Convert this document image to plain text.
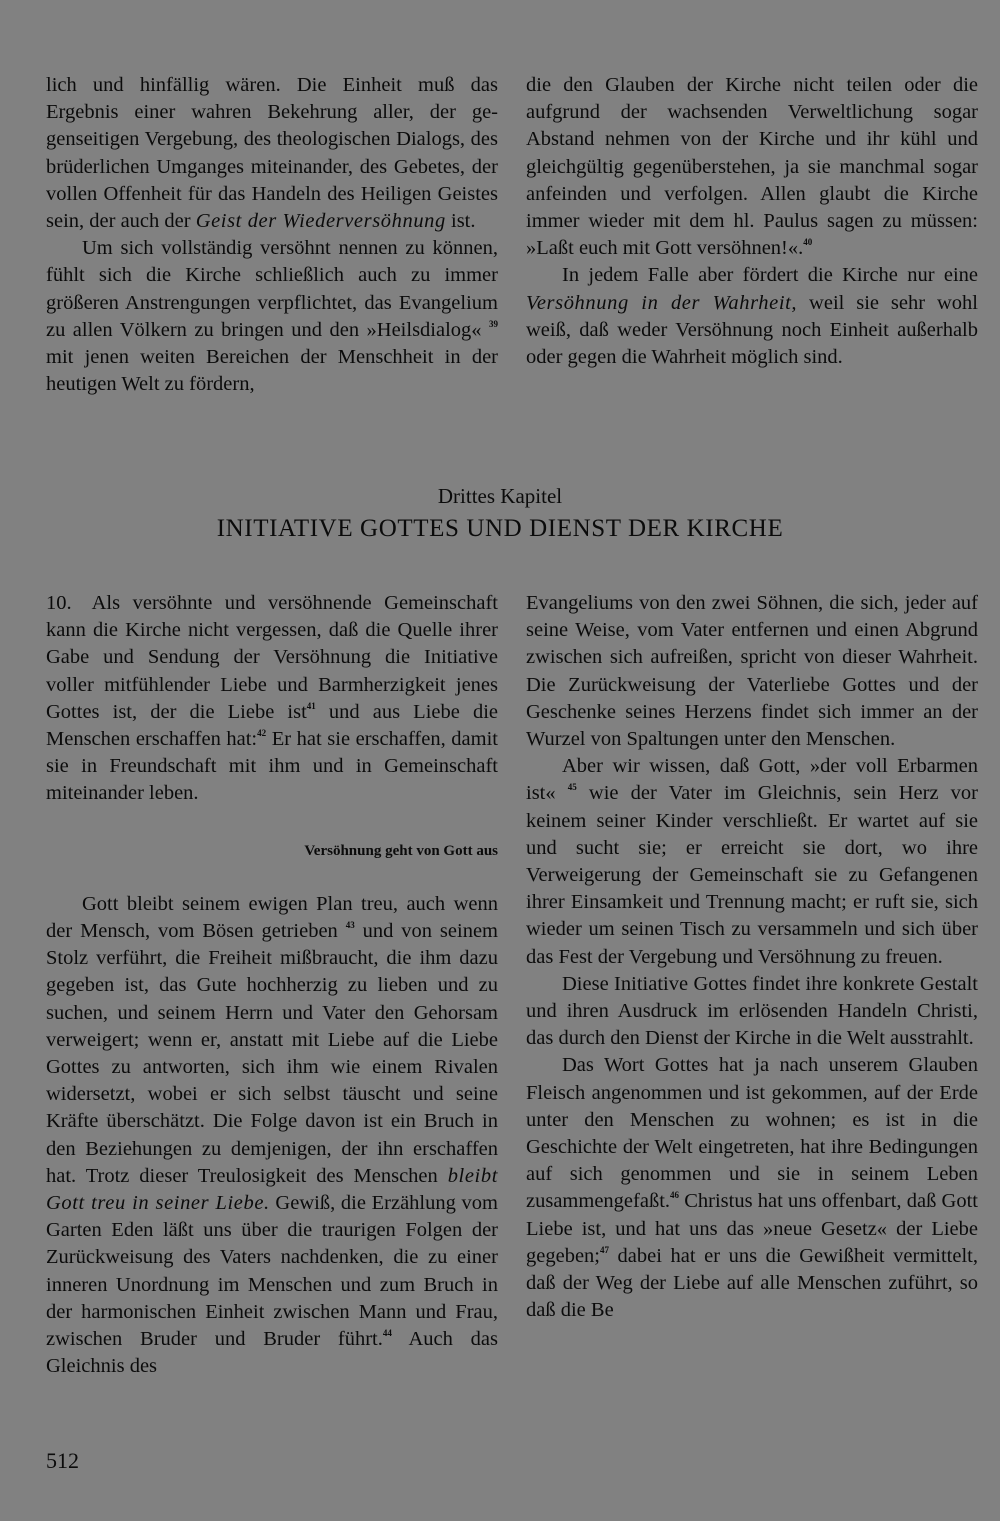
lich und hinfällig wären. Die Einheit muß das Ergebnis einer wahren Bekehrung aller, der gegenseitigen Vergebung, des theologischen Dialogs, des brüderlichen Umganges miteinander, des Gebetes, der vollen Offenheit für das Handeln des Heiligen Geistes sein, der auch der Geist der Wiederversöhnung ist.

Um sich vollständig versöhnt nennen zu können, fühlt sich die Kirche schließlich auch zu immer größeren Anstrengungen verpflichtet, das Evangelium zu allen Völkern zu bringen und den »Heilsdialog« $^{39}$ mit jenen weiten Bereichen der Menschheit in der heutigen Welt zu fördern,

die den Glauben der Kirche nicht teilen oder die aufgrund der wachsenden Verweltlichung sogar Abstand nehmen von der Kirche und ihr kühl und gleichgültig gegenüberstehen, ja sie manchmal sogar anfeinden und verfolgen. Allen glaubt die Kirche immer wieder mit dem hl. Paulus sagen zu müssen: »Laßt euch mit Gott versöhnen!«.$^{40}$

In jedem Falle aber fördert die Kirche nur eine Versöhnung in der Wahrheit, weil sie sehr wohl weiß, daß weder Versöhnung noch Einheit außerhalb oder gegen die Wahrheit möglich sind.

Drittes Kapitel
INITIATIVE GOTTES UND DIENST DER KIRCHE

10. Als versöhnte und versöhnende Gemeinschaft kann die Kirche nicht vergessen, daß die Quelle ihrer Gabe und Sendung der Versöhnung die Initiative voller mitfühlender Liebe und Barmherzigkeit jenes Gottes ist, der die Liebe ist$^{41}$ und aus Liebe die Menschen erschaffen hat:$^{42}$ Er hat sie erschaffen, damit sie in Freundschaft mit ihm und in Gemeinschaft miteinander leben.

Versöhnung geht von Gott aus

Gott bleibt seinem ewigen Plan treu, auch wenn der Mensch, vom Bösen getrieben $^{43}$ und von seinem Stolz verführt, die Freiheit mißbraucht, die ihm dazu gegeben ist, das Gute hochherzig zu lieben und zu suchen, und seinem Herrn und Vater den Gehorsam verweigert; wenn er, anstatt mit Liebe auf die Liebe Gottes zu antworten, sich ihm wie einem Rivalen widersetzt, wobei er sich selbst täuscht und seine Kräfte überschätzt. Die Folge davon ist ein Bruch in den Beziehungen zu demjenigen, der ihn erschaffen hat. Trotz dieser Treulosigkeit des Menschen bleibt Gott treu in seiner Liebe. Gewiß, die Erzählung vom Garten Eden läßt uns über die traurigen Folgen der Zurückweisung des Vaters nachdenken, die zu einer inneren Unordnung im Menschen und zum Bruch in der harmonischen Einheit zwischen Mann und Frau, zwischen Bruder und Bruder führt.$^{44}$ Auch das Gleichnis des

Evangeliums von den zwei Söhnen, die sich, jeder auf seine Weise, vom Vater entfernen und einen Abgrund zwischen sich aufreißen, spricht von dieser Wahrheit. Die Zurückweisung der Vaterliebe Gottes und der Geschenke seines Herzens findet sich immer an der Wurzel von Spaltungen unter den Menschen.

Aber wir wissen, daß Gott, »der voll Erbarmen ist« $^{45}$ wie der Vater im Gleichnis, sein Herz vor keinem seiner Kinder verschließt. Er wartet auf sie und sucht sie; er erreicht sie dort, wo ihre Verweigerung der Gemeinschaft sie zu Gefangenen ihrer Einsamkeit und Trennung macht; er ruft sie, sich wieder um seinen Tisch zu versammeln und sich über das Fest der Vergebung und Versöhnung zu freuen.

Diese Initiative Gottes findet ihre konkrete Gestalt und ihren Ausdruck im erlösenden Handeln Christi, das durch den Dienst der Kirche in die Welt ausstrahlt.

Das Wort Gottes hat ja nach unserem Glauben Fleisch angenommen und ist gekommen, auf der Erde unter den Menschen zu wohnen; es ist in die Geschichte der Welt eingetreten, hat ihre Bedingungen auf sich genommen und sie in seinem Leben zusammengefaßt.$^{46}$ Christus hat uns offenbart, daß Gott Liebe ist, und hat uns das »neue Gesetz« der Liebe gegeben;$^{47}$ dabei hat er uns die Gewißheit vermittelt, daß der Weg der Liebe auf alle Menschen zuführt, so daß die Be

512
